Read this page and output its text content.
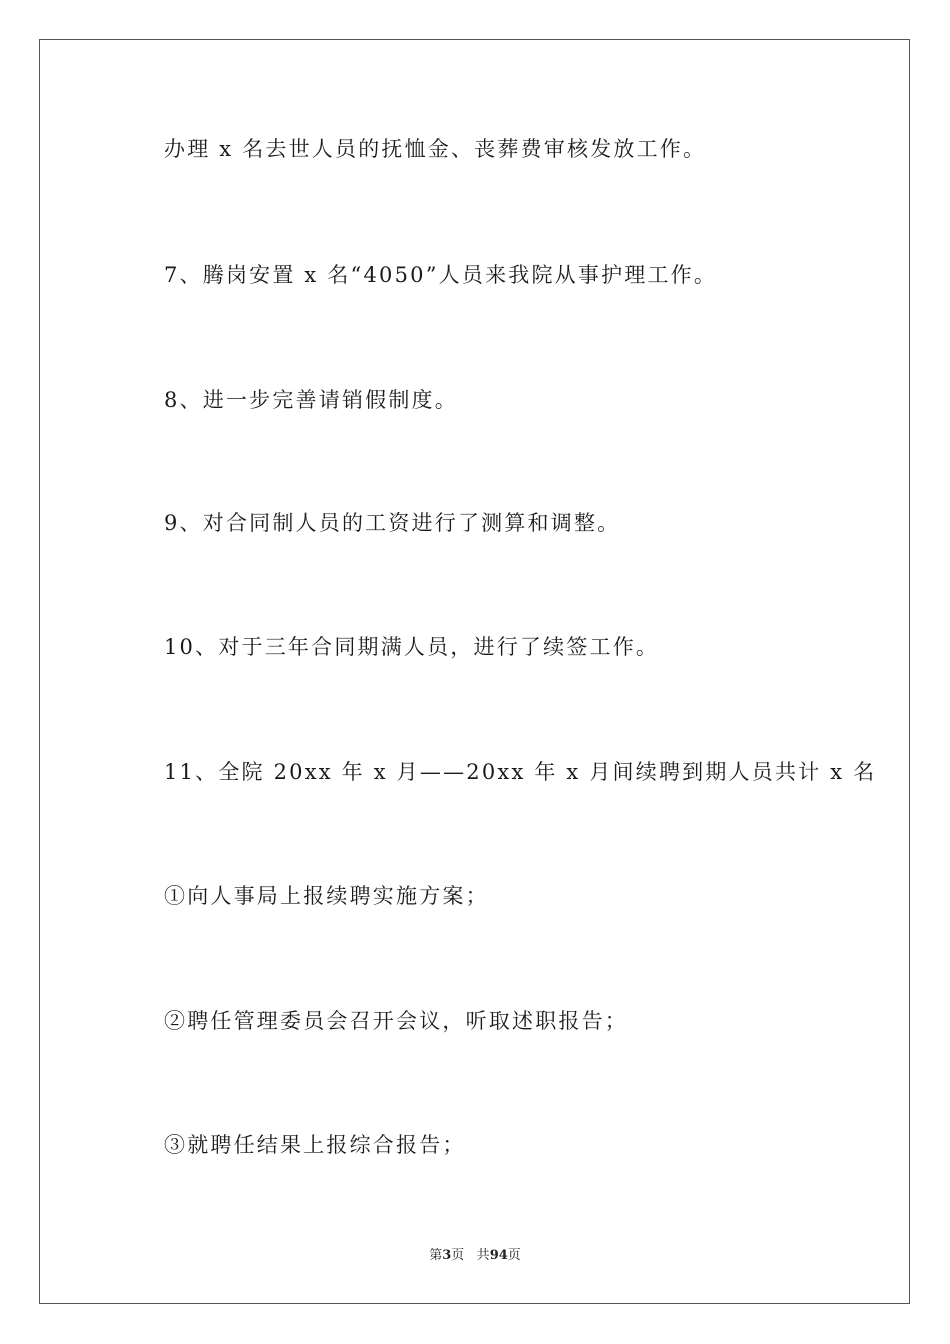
办理 x 名去世人员的抚恤金、丧葬费审核发放工作。

7、腾岗安置 x 名“4050”人员来我院从事护理工作。

8、进一步完善请销假制度。

9、对合同制人员的工资进行了测算和调整。

10、对于三年合同期满人员，进行了续签工作。

11、全院 20xx 年 x 月——20xx 年 x 月间续聘到期人员共计 x 名

①向人事局上报续聘实施方案；

②聘任管理委员会召开会议，听取述职报告；

③就聘任结果上报综合报告；

第3页 共94页
